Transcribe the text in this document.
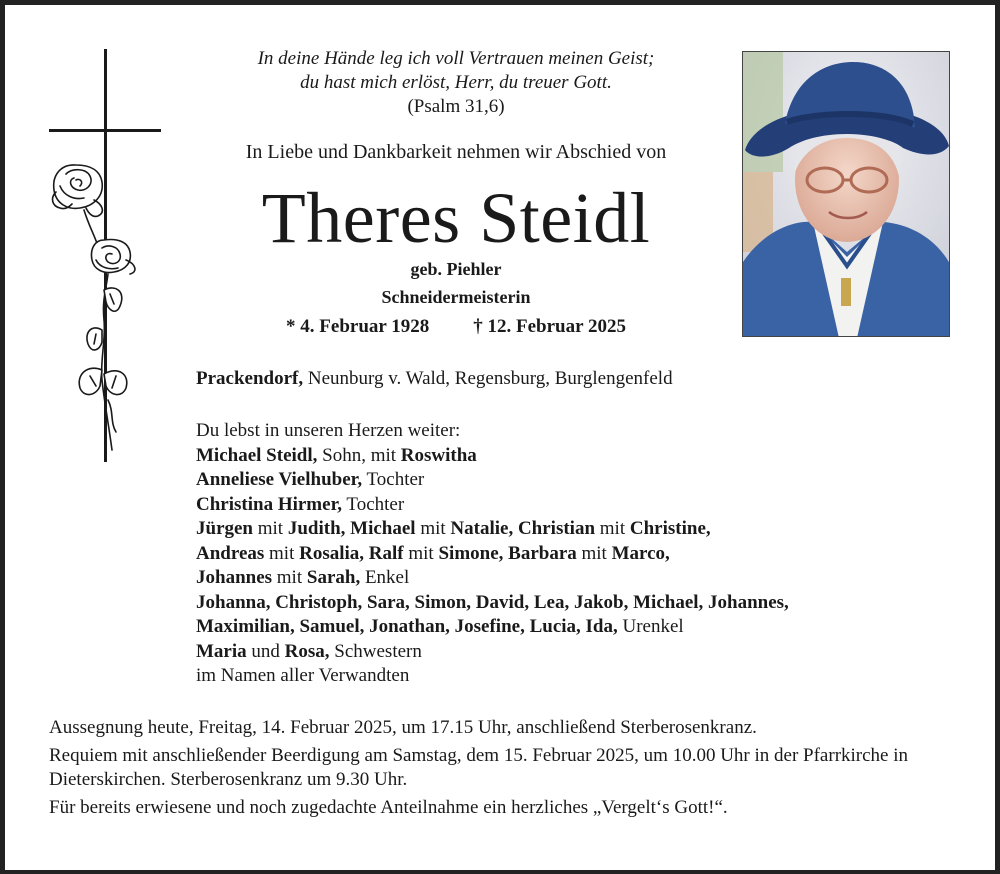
In deine Hände leg ich voll Vertrauen meinen Geist;
du hast mich erlöst, Herr, du treuer Gott.
(Psalm 31,6)
In Liebe und Dankbarkeit nehmen wir Abschied von
Theres Steidl
geb. Piehler
Schneidermeisterin
* 4. Februar 1928 † 12. Februar 2025
Prackendorf, Neunburg v. Wald, Regensburg, Burglengenfeld
Du lebst in unseren Herzen weiter:
Michael Steidl, Sohn, mit Roswitha
Anneliese Vielhuber, Tochter
Christina Hirmer, Tochter
Jürgen mit Judith, Michael mit Natalie, Christian mit Christine,
Andreas mit Rosalia, Ralf mit Simone, Barbara mit Marco,
Johannes mit Sarah, Enkel
Johanna, Christoph, Sara, Simon, David, Lea, Jakob, Michael, Johannes,
Maximilian, Samuel, Jonathan, Josefine, Lucia, Ida, Urenkel
Maria und Rosa, Schwestern
im Namen aller Verwandten

Aussegnung heute, Freitag, 14. Februar 2025, um 17.15 Uhr, anschließend Sterberosenkranz.

Requiem mit anschließender Beerdigung am Samstag, dem 15. Februar 2025, um 10.00 Uhr in der Pfarrkirche in Dieterskirchen. Sterberosenkranz um 9.30 Uhr.

Für bereits erwiesene und noch zugedachte Anteilnahme ein herzliches „Vergelt‘s Gott!“.
